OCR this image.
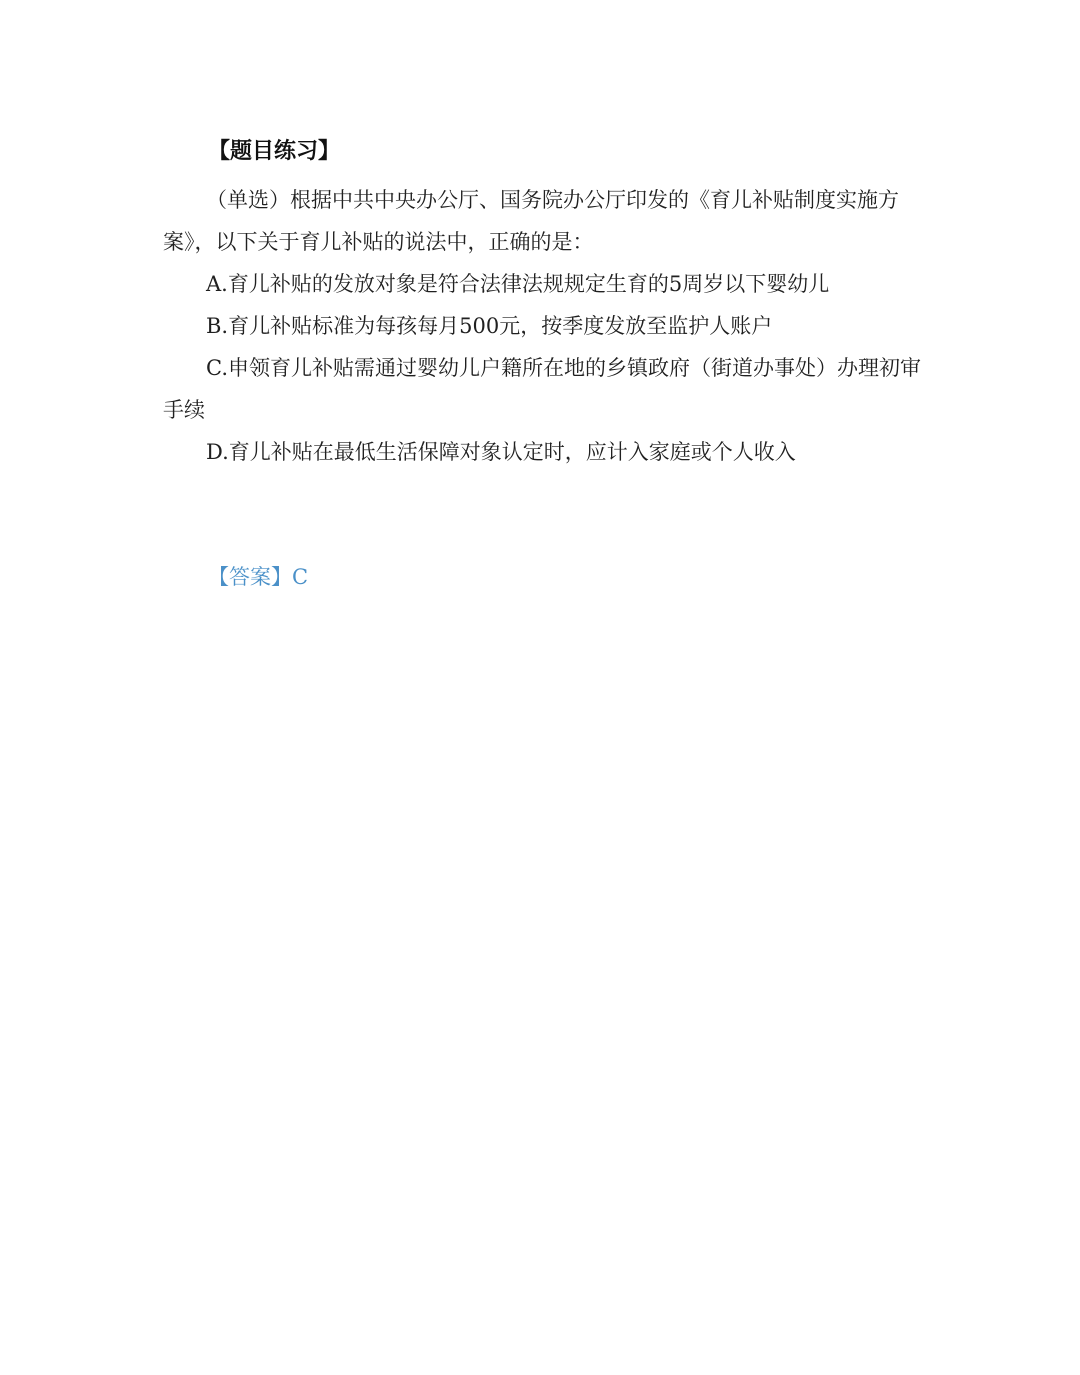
【题目练习】

（单选）根据中共中央办公厅、国务院办公厅印发的《育儿补贴制度实施方案》，以下关于育儿补贴的说法中，正确的是：

A.育儿补贴的发放对象是符合法律法规规定生育的5周岁以下婴幼儿

B.育儿补贴标准为每孩每月500元，按季度发放至监护人账户

C.申领育儿补贴需通过婴幼儿户籍所在地的乡镇政府（街道办事处）办理初审手续

D.育儿补贴在最低生活保障对象认定时，应计入家庭或个人收入

【答案】C
